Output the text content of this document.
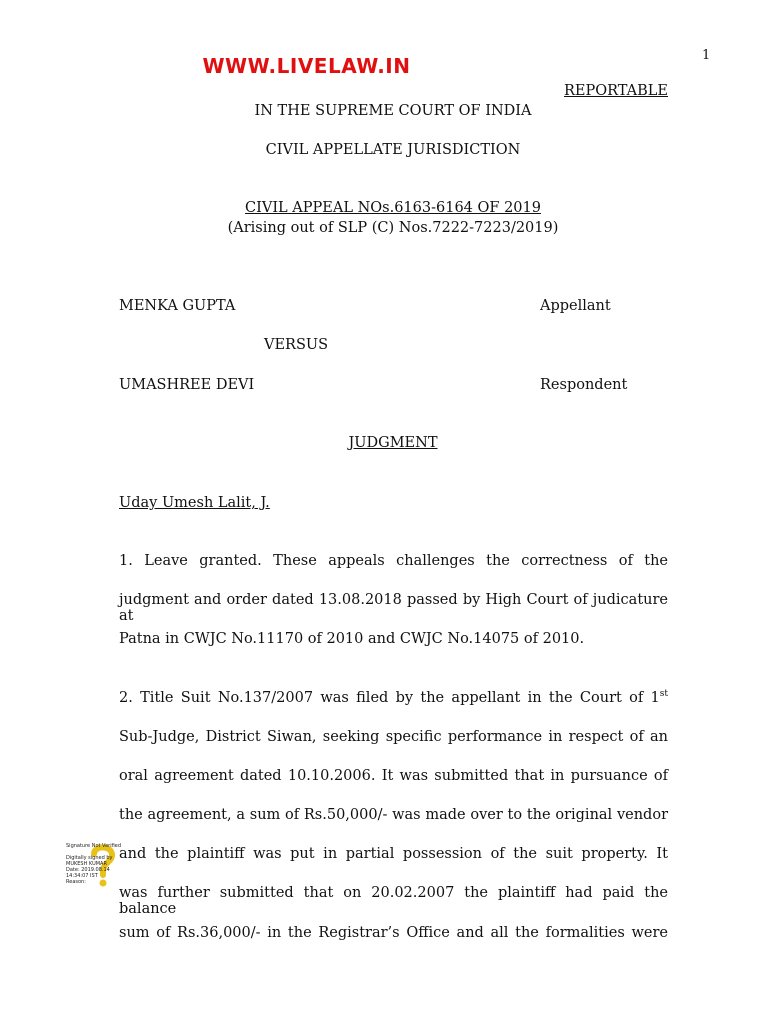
1
WWW.LIVELAW.IN
REPORTABLE
IN THE SUPREME COURT OF INDIA
CIVIL APPELLATE JURISDICTION
CIVIL APPEAL NOs.6163-6164 OF 2019
(Arising out of SLP (C) Nos.7222-7223/2019)
MENKA GUPTA	Appellant
VERSUS
UMASHREE DEVI	Respondent
JUDGMENT
Uday Umesh Lalit, J.
1. Leave granted. These appeals challenges the correctness of the
judgment and order dated 13.08.2018 passed by High Court of judicature at
Patna in CWJC No.11170 of 2010 and CWJC No.14075 of 2010.
2. Title Suit No.137/2007 was filed by the appellant in the Court of 1st
Sub-Judge, District Siwan, seeking specific performance in respect of an
oral agreement dated 10.10.2006. It was submitted that in pursuance of
the agreement, a sum of Rs.50,000/- was made over to the original vendor
and the plaintiff was put in partial possession of the suit property. It
was further submitted that on 20.02.2007 the plaintiff had paid the balance
sum of Rs.36,000/- in the Registrar’s Office and all the formalities were
Signature Not Verified
Digitally signed by
MUKESH KUMAR
Date: 2019.08.14
14:34:07 IST
Reason:
